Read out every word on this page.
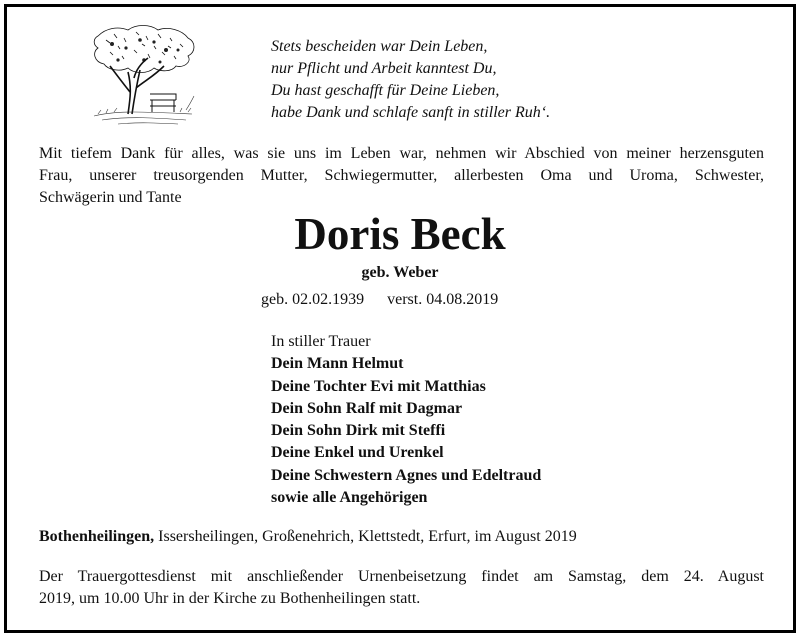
Stets bescheiden war Dein Leben,
nur Pflicht und Arbeit kanntest Du,
Du hast geschafft für Deine Lieben,
habe Dank und schlafe sanft in stiller Ruh‘.
Mit tiefem Dank für alles, was sie uns im Leben war, nehmen wir Abschied von meiner herzensguten
Frau, unserer treusorgenden Mutter, Schwiegermutter, allerbesten Oma und Uroma, Schwester,
Schwägerin und Tante
Doris Beck
geb. Weber
geb. 02.02.1939 verst. 04.08.2019
In stiller Trauer
Dein Mann Helmut
Deine Tochter Evi mit Matthias
Dein Sohn Ralf mit Dagmar
Dein Sohn Dirk mit Steffi
Deine Enkel und Urenkel
Deine Schwestern Agnes und Edeltraud
sowie alle Angehörigen
Bothenheilingen, Issersheilingen, Großenehrich, Klettstedt, Erfurt, im August 2019
Der Trauergottesdienst mit anschließender Urnenbeisetzung findet am Samstag, dem 24. August
2019, um 10.00 Uhr in der Kirche zu Bothenheilingen statt.
